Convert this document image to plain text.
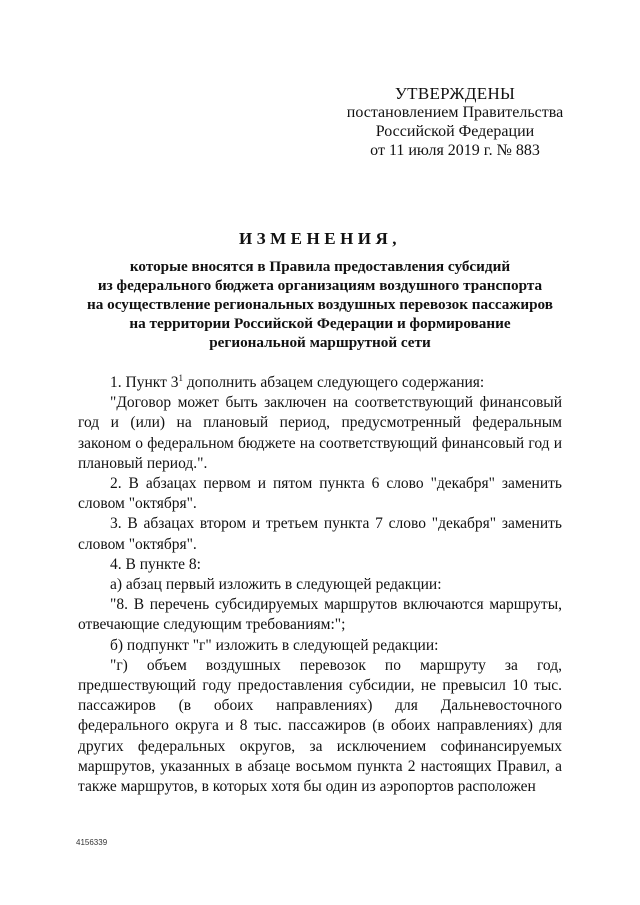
УТВЕРЖДЕНЫ
постановлением Правительства
Российской Федерации
от 11 июля 2019 г. № 883
ИЗМЕНЕНИЯ,
которые вносятся в Правила предоставления субсидий
из федерального бюджета организациям воздушного транспорта
на осуществление региональных воздушных перевозок пассажиров
на территории Российской Федерации и формирование
региональной маршрутной сети
1. Пункт $3^1$ дополнить абзацем следующего содержания:
"Договор может быть заключен на соответствующий финансовый год и (или) на плановый период, предусмотренный федеральным законом о федеральном бюджете на соответствующий финансовый год и плановый период.".
2. В абзацах первом и пятом пункта 6 слово "декабря" заменить словом "октября".
3. В абзацах втором и третьем пункта 7 слово "декабря" заменить словом "октября".
4. В пункте 8:
а) абзац первый изложить в следующей редакции:
"8. В перечень субсидируемых маршрутов включаются маршруты, отвечающие следующим требованиям:";
б) подпункт "г" изложить в следующей редакции:
"г) объем воздушных перевозок по маршруту за год, предшествующий году предоставления субсидии, не превысил 10 тыс. пассажиров (в обоих направлениях) для Дальневосточного федерального округа и 8 тыс. пассажиров (в обоих направлениях) для других федеральных округов, за исключением софинансируемых маршрутов, указанных в абзаце восьмом пункта 2 настоящих Правил, а также маршрутов, в которых хотя бы один из аэропортов расположен
4156339
